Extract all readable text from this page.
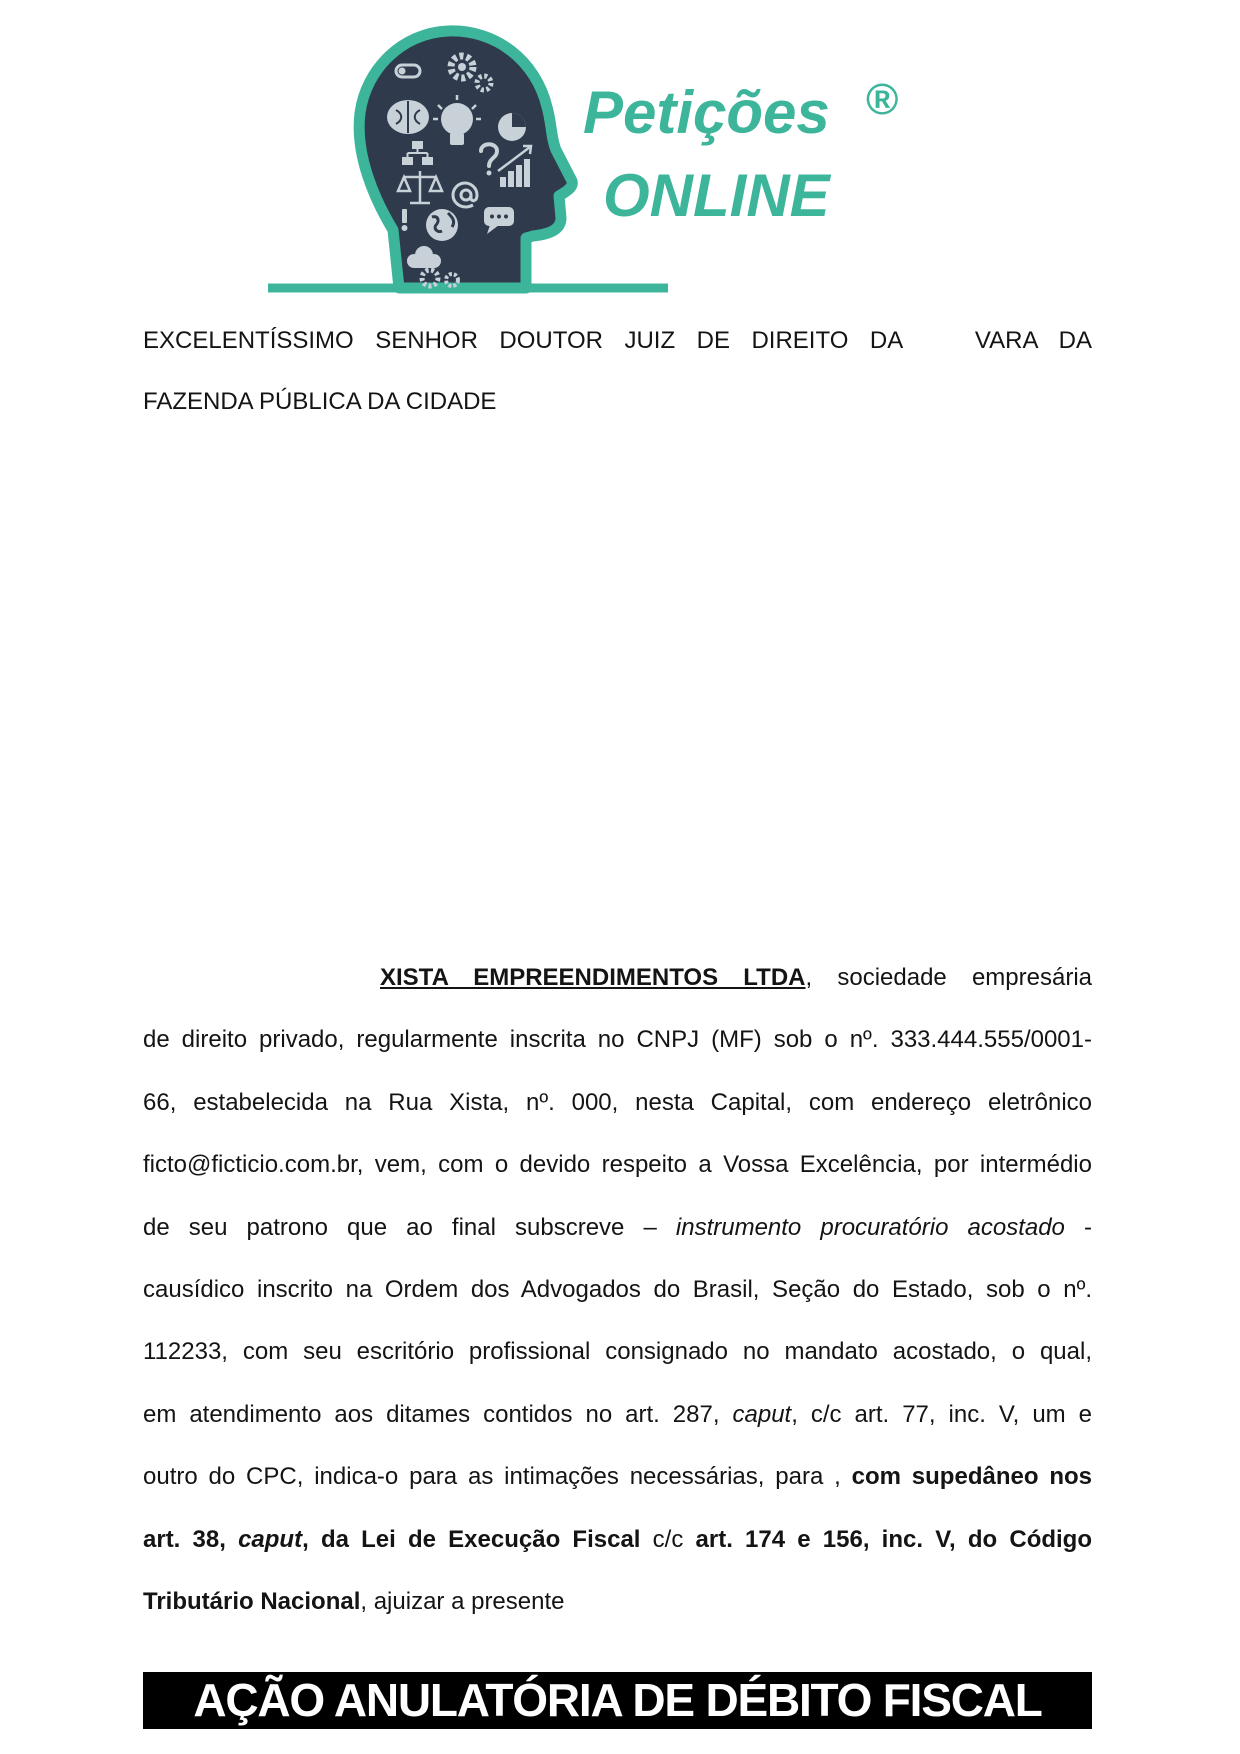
Petições ®
ONLINE
EXCELENTÍSSIMO SENHOR DOUTOR JUIZ DE DIREITO DA	VARA DA
FAZENDA PÚBLICA DA CIDADE
XISTA EMPREENDIMENTOS LTDA, sociedade empresária
de direito privado, regularmente inscrita no CNPJ (MF) sob o nº. 333.444.555/0001-
66, estabelecida na Rua Xista, nº. 000, nesta Capital, com endereço eletrônico
ficto@ficticio.com.br, vem, com o devido respeito a Vossa Excelência, por intermédio
de seu patrono que ao final subscreve – instrumento procuratório acostado -
causídico inscrito na Ordem dos Advogados do Brasil, Seção do Estado, sob o nº.
112233, com seu escritório profissional consignado no mandato acostado, o qual,
em atendimento aos ditames contidos no art. 287, caput, c/c art. 77, inc. V, um e
outro do CPC, indica-o para as intimações necessárias, para , com supedâneo nos
art. 38, caput, da Lei de Execução Fiscal c/c art. 174 e 156, inc. V, do Código
Tributário Nacional, ajuizar a presente
AÇÃO ANULATÓRIA DE DÉBITO FISCAL
